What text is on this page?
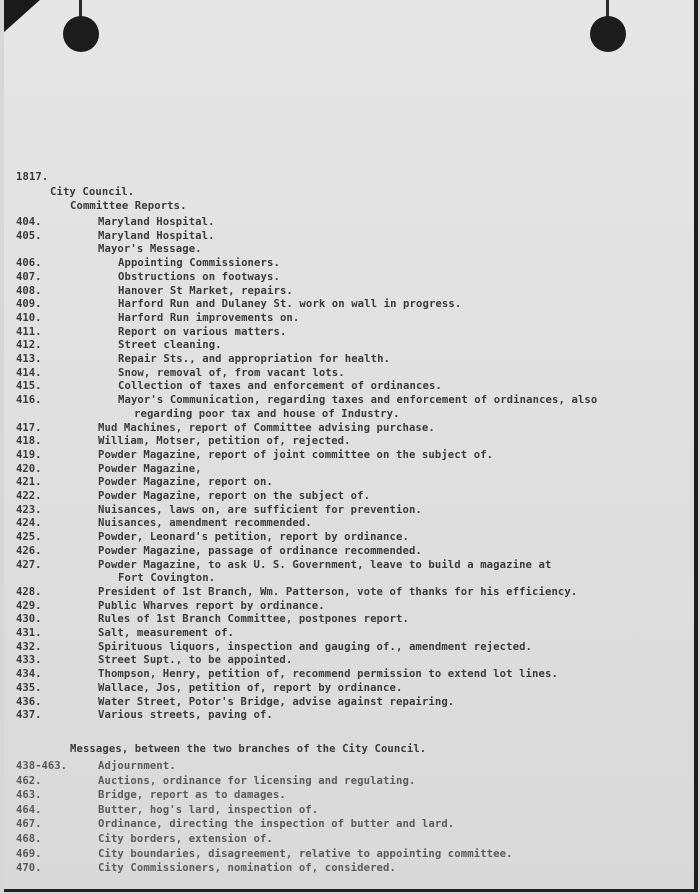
1817.
City Council.
Committee Reports.
404.	Maryland Hospital.
405.	Maryland Hospital.
Mayor's Message.
406.	Appointing Commissioners.
407.	Obstructions on footways.
408.	Hanover St Market, repairs.
409.	Harford Run and Dulaney St. work on wall in progress.
410.	Harford Run improvements on.
411.	Report on various matters.
412.	Street cleaning.
413.	Repair Sts., and appropriation for health.
414.	Snow, removal of, from vacant lots.
415.	Collection of taxes and enforcement of ordinances.
416.	Mayor's Communication, regarding taxes and enforcement of ordinances, also
regarding poor tax and house of Industry.
417.	Mud Machines, report of Committee advising purchase.
418.	William, Motser, petition of, rejected.
419.	Powder Magazine, report of joint committee on the subject of.
420.	Powder Magazine,
421.	Powder Magazine, report on.
422.	Powder Magazine, report on the subject of.
423.	Nuisances, laws on, are sufficient for prevention.
424.	Nuisances, amendment recommended.
425.	Powder, Leonard's petition, report by ordinance.
426.	Powder Magazine, passage of ordinance recommended.
427.	Powder Magazine, to ask U. S. Government, leave to build a magazine at
Fort Covington.
428.	President of 1st Branch, Wm. Patterson, vote of thanks for his efficiency.
429.	Public Wharves report by ordinance.
430.	Rules of 1st Branch Committee, postpones report.
431.	Salt, measurement of.
432.	Spirituous liquors, inspection and gauging of., amendment rejected.
433.	Street Supt., to be appointed.
434.	Thompson, Henry, petition of, recommend permission to extend lot lines.
435.	Wallace, Jos, petition of, report by ordinance.
436.	Water Street, Potor's Bridge, advise against repairing.
437.	Various streets, paving of.
Messages, between the two branches of the City Council.
438-463.	Adjournment.
462.	Auctions, ordinance for licensing and regulating.
463.	Bridge, report as to damages.
464.	Butter, hog's lard, inspection of.
467.	Ordinance, directing the inspection of butter and lard.
468.	City borders, extension of.
469.	City boundaries, disagreement, relative to appointing committee.
470.	City Commissioners, nomination of, considered.
